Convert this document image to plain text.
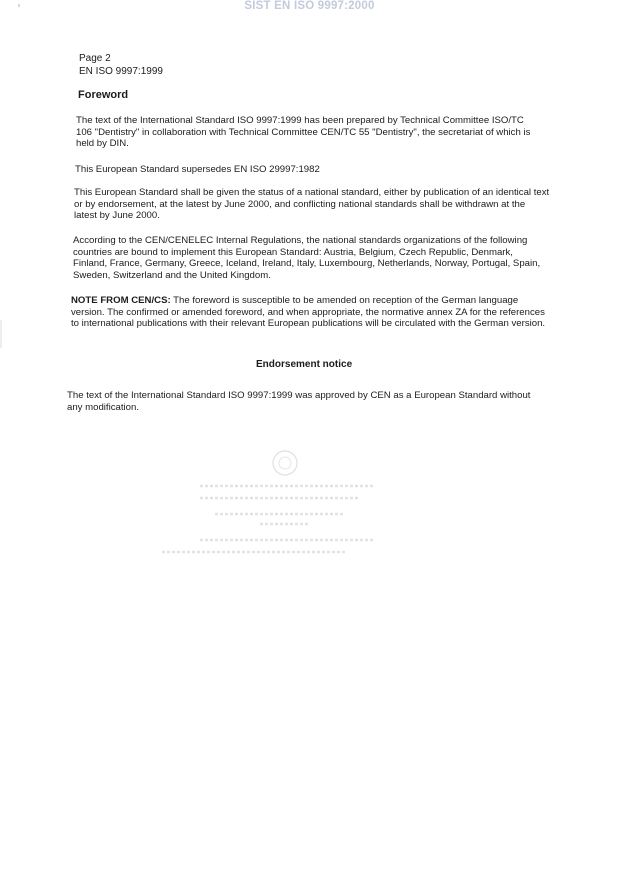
SIST EN ISO 9997:2000
Page 2
EN ISO 9997:1999
Foreword

The text of the International Standard ISO 9997:1999 has been prepared by Technical Committee ISO/TC 106 "Dentistry" in collaboration with Technical Committee CEN/TC 55 "Dentistry", the secretariat of which is held by DIN.

This European Standard supersedes EN ISO 29997:1982

This European Standard shall be given the status of a national standard, either by publication of an identical text or by endorsement, at the latest by June 2000, and conflicting national standards shall be withdrawn at the latest by June 2000.

According to the CEN/CENELEC Internal Regulations, the national standards organizations of the following countries are bound to implement this European Standard: Austria, Belgium, Czech Republic, Denmark, Finland, France, Germany, Greece, Iceland, Ireland, Italy, Luxembourg, Netherlands, Norway, Portugal, Spain, Sweden, Switzerland and the United Kingdom.

NOTE FROM CEN/CS: The foreword is susceptible to be amended on reception of the German language version. The confirmed or amended foreword, and when appropriate, the normative annex ZA for the references to international publications with their relevant European publications will be circulated with the German version.

Endorsement notice

The text of the International Standard ISO 9997:1999 was approved by CEN as a European Standard without any modification.
